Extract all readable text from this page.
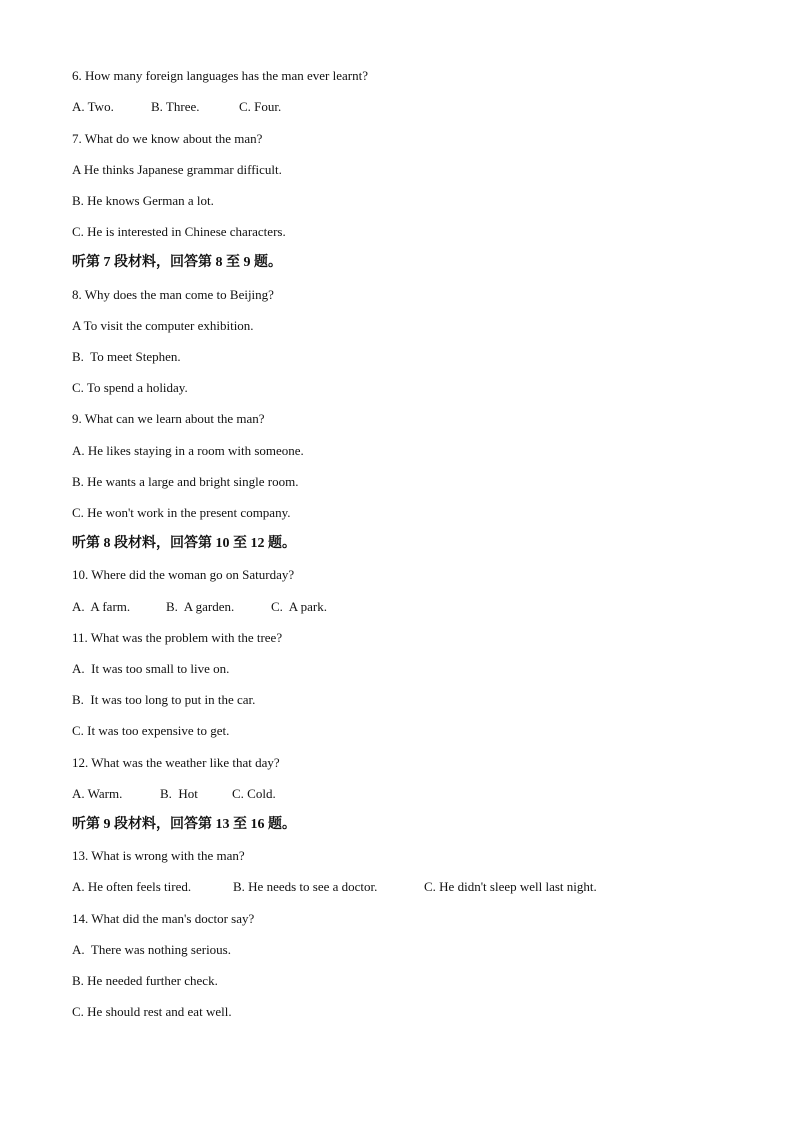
6. How many foreign languages has the man ever learnt?
A. Two.	B. Three.	C. Four.
7. What do we know about the man?
A He thinks Japanese grammar difficult.
B. He knows German a lot.
C. He is interested in Chinese characters.
听第 7 段材料，回答第 8 至 9 题。
8. Why does the man come to Beijing?
A To visit the computer exhibition.
B.  To meet Stephen.
C. To spend a holiday.
9. What can we learn about the man?
A. He likes staying in a room with someone.
B. He wants a large and bright single room.
C. He won't work in the present company.
听第 8 段材料，回答第 10 至 12 题。
10. Where did the woman go on Saturday?
A.  A farm.	B.  A garden.	C.  A park.
11. What was the problem with the tree?
A.  It was too small to live on.
B.  It was too long to put in the car.
C. It was too expensive to get.
12. What was the weather like that day?
A. Warm.	B.  Hot	C. Cold.
听第 9 段材料，回答第 13 至 16 题。
13. What is wrong with the man?
A. He often feels tired.	B. He needs to see a doctor.	C. He didn't sleep well last night.
14. What did the man's doctor say?
A.  There was nothing serious.
B. He needed further check.
C. He should rest and eat well.
